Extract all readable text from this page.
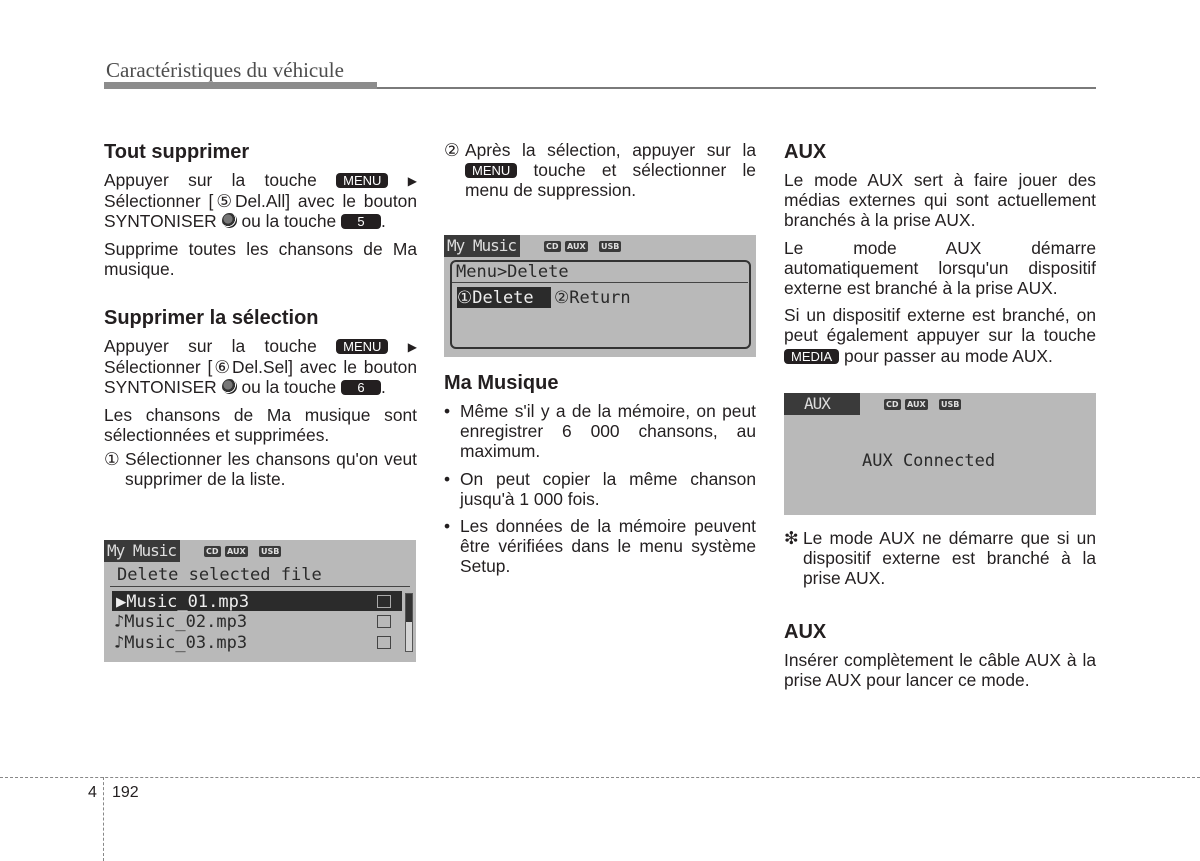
Caractéristiques du véhicule
Tout supprimer

Appuyer sur la touche MENU ▶ Sélectionner [⑤Del.All] avec le bouton SYNTONISER ou la touche 5 .

Supprime toutes les chansons de Ma musique.

Supprimer la sélection

Appuyer sur la touche MENU ▶ Sélectionner [⑥Del.Sel] avec le bouton SYNTONISER ou la touche 6 .

Les chansons de Ma musique sont sélectionnées et supprimées.

① Sélectionner les chansons qu'on veut supprimer de la liste.
My Music	CD AUX USB
Delete selected file
▶Music_01.mp3
♪Music_02.mp3
♪Music_03.mp3
② Après la sélection, appuyer sur la MENU touche et sélectionner le menu de suppression.
My Music	CD AUX USB
Menu>Delete
①Delete ②Return
Ma Musique
• Même s'il y a de la mémoire, on peut enregistrer 6 000 chansons, au maximum.
• On peut copier la même chanson jusqu'à 1 000 fois.
• Les données de la mémoire peuvent être vérifiées dans le menu système Setup.
AUX

Le mode AUX sert à faire jouer des médias externes qui sont actuellement branchés à la prise AUX.

Le mode AUX démarre automatiquement lorsqu'un dispositif externe est branché à la prise AUX.

Si un dispositif externe est branché, on peut également appuyer sur la touche MEDIA pour passer au mode AUX.

AUX	CD AUX USB
AUX Connected
❇ Le mode AUX ne démarre que si un dispositif externe est branché à la prise AUX.
AUX

Insérer complètement le câble AUX à la prise AUX pour lancer ce mode.

4 192
